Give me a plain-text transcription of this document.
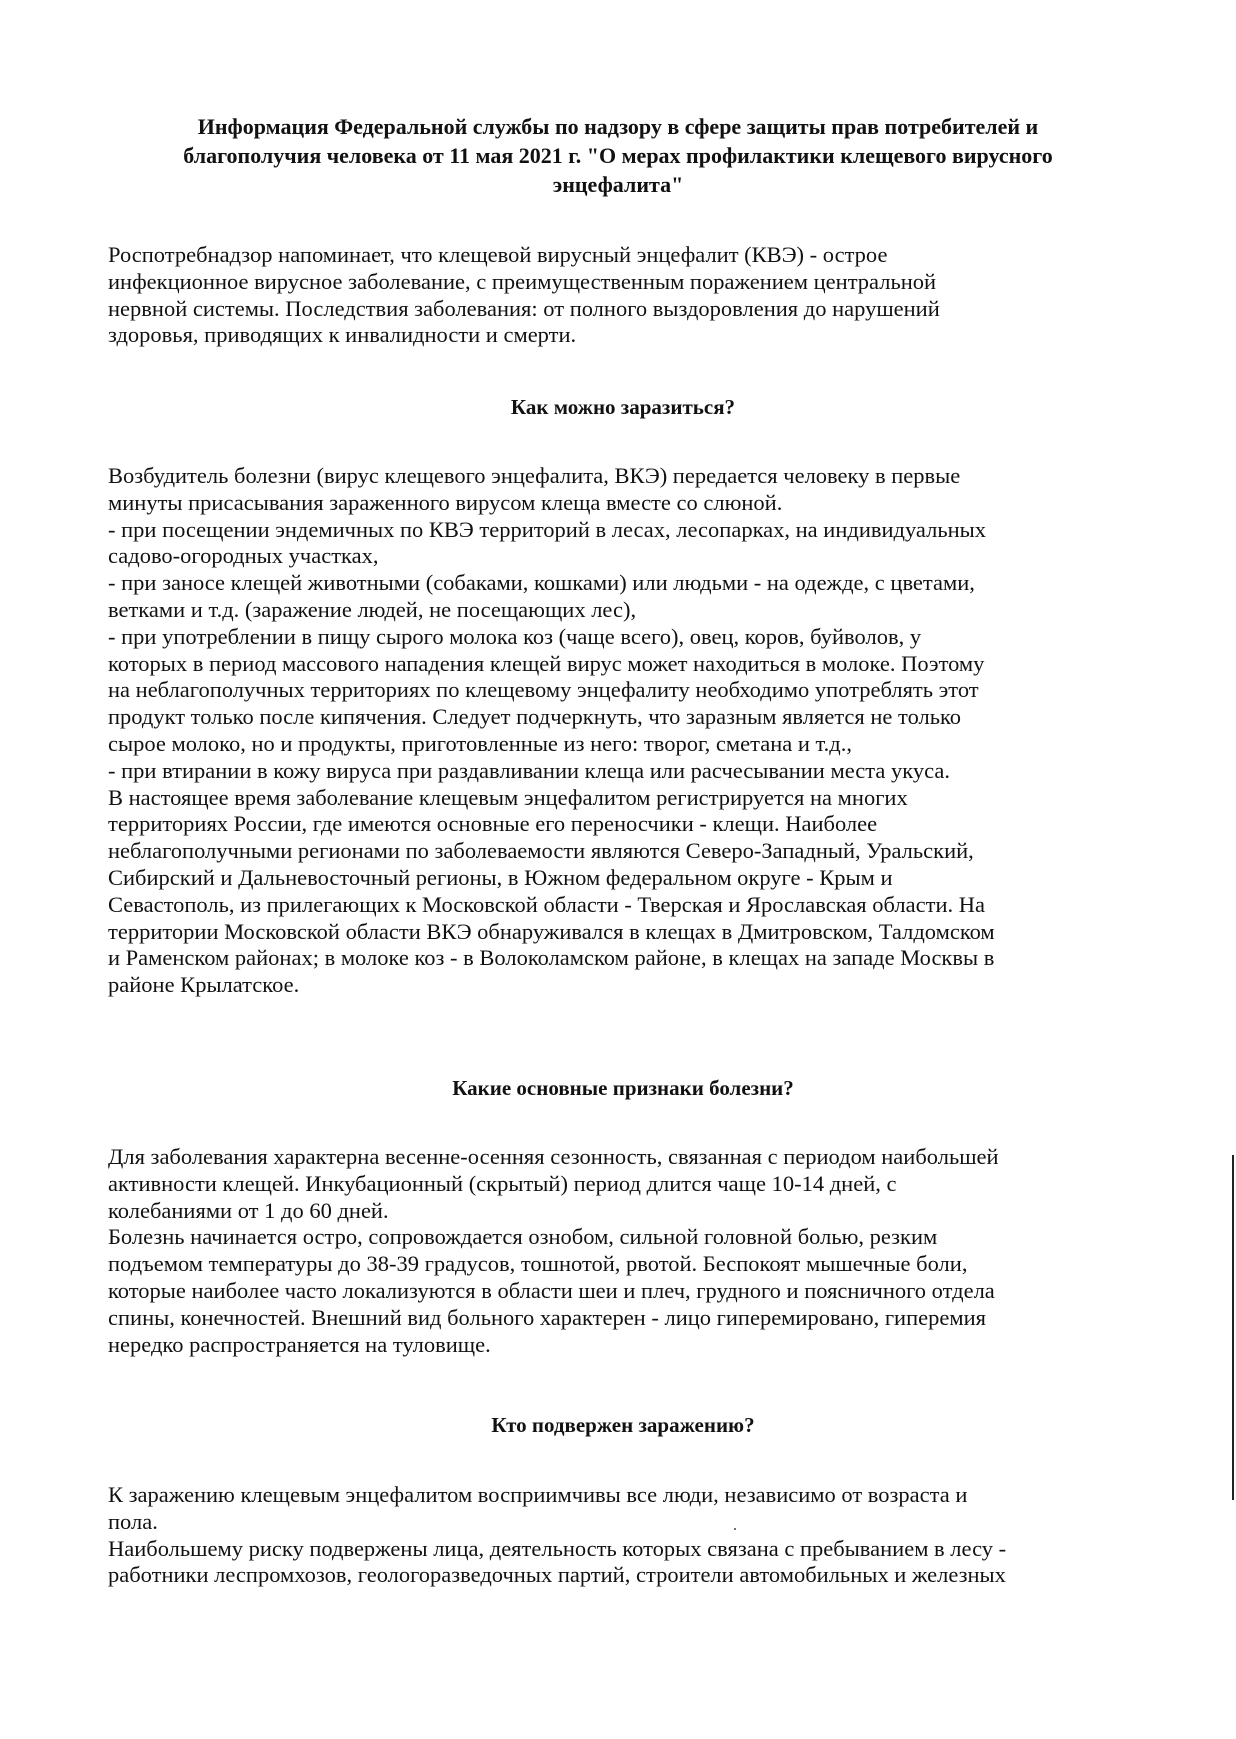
Информация Федеральной службы по надзору в сфере защиты прав потребителей и
благополучия человека от 11 мая 2021 г. "О мерах профилактики клещевого вирусного
энцефалита"

Роспотребнадзор напоминает, что клещевой вирусный энцефалит (КВЭ) - острое
инфекционное вирусное заболевание, с преимущественным поражением центральной
нервной системы. Последствия заболевания: от полного выздоровления до нарушений
здоровья, приводящих к инвалидности и смерти.

Как можно заразиться?
Возбудитель болезни (вирус клещевого энцефалита, ВКЭ) передается человеку в первые
минуты присасывания зараженного вирусом клеща вместе со слюной.
- при посещении эндемичных по КВЭ территорий в лесах, лесопарках, на индивидуальных
садово-огородных участках,
- при заносе клещей животными (собаками, кошками) или людьми - на одежде, с цветами,
ветками и т.д. (заражение людей, не посещающих лес),
- при употреблении в пищу сырого молока коз (чаще всего), овец, коров, буйволов, у
которых в период массового нападения клещей вирус может находиться в молоке. Поэтому
на неблагополучных территориях по клещевому энцефалиту необходимо употреблять этот
продукт только после кипячения. Следует подчеркнуть, что заразным является не только
сырое молоко, но и продукты, приготовленные из него: творог, сметана и т.д.,
- при втирании в кожу вируса при раздавливании клеща или расчесывании места укуса.
В настоящее время заболевание клещевым энцефалитом регистрируется на многих
территориях России, где имеются основные его переносчики - клещи. Наиболее
неблагополучными регионами по заболеваемости являются Северо-Западный, Уральский,
Сибирский и Дальневосточный регионы, в Южном федеральном округе - Крым и
Севастополь, из прилегающих к Московской области - Тверская и Ярославская области. На
территории Московской области ВКЭ обнаруживался в клещах в Дмитровском, Талдомском
и Раменском районах; в молоке коз - в Волоколамском районе, в клещах на западе Москвы в
районе Крылатское.
Какие основные признаки болезни?
Для заболевания характерна весенне-осенняя сезонность, связанная с периодом наибольшей
активности клещей. Инкубационный (скрытый) период длится чаще 10-14 дней, с
колебаниями от 1 до 60 дней.
Болезнь начинается остро, сопровождается ознобом, сильной головной болью, резким
подъемом температуры до 38-39 градусов, тошнотой, рвотой. Беспокоят мышечные боли,
которые наиболее часто локализуются в области шеи и плеч, грудного и поясничного отдела
спины, конечностей. Внешний вид больного характерен - лицо гиперемировано, гиперемия
нередко распространяется на туловище.
Кто подвержен заражению?
К заражению клещевым энцефалитом восприимчивы все люди, независимо от возраста и
пола.
Наибольшему риску подвержены лица, деятельность которых связана с пребыванием в лесу -
работники леспромхозов, геологоразведочных партий, строители автомобильных и железных
